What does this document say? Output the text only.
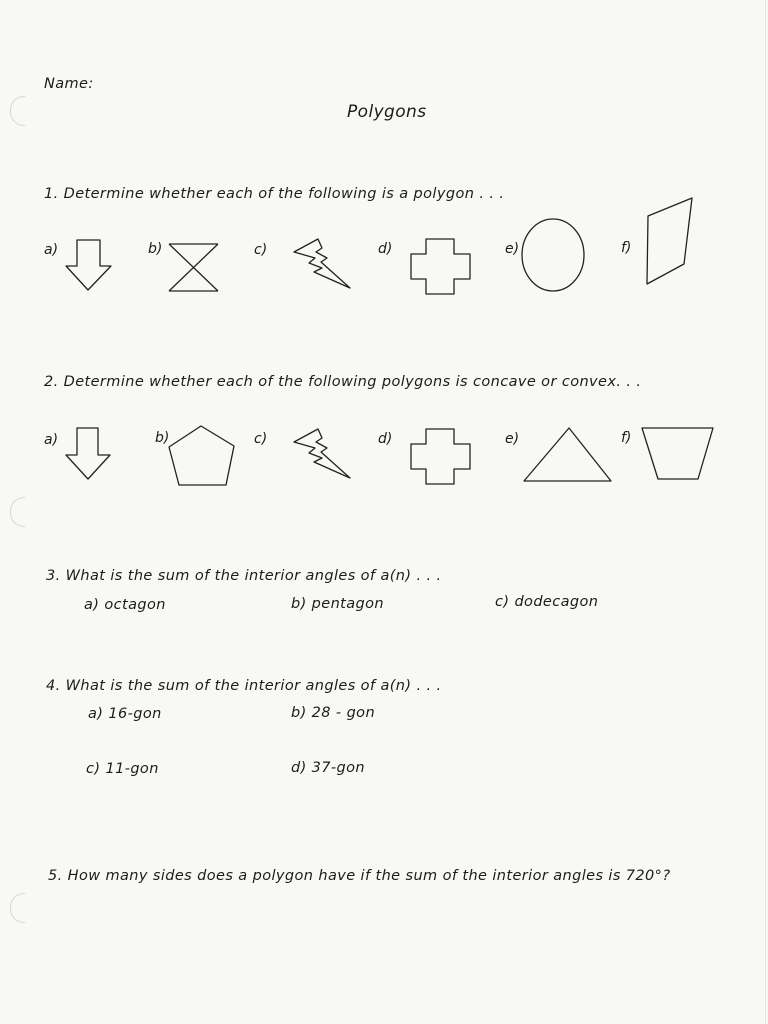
Name:
Polygons
1. Determine whether each of the following is a polygon . . .
a)	b)	c)	d)	e)	f)
2. Determine whether each of the following polygons is concave or convex. . .
a)	b)	c)	d)	e)	f)
3. What is the sum of the interior angles of a(n) . . .
a) octagon	b) pentagon	c) dodecagon
4. What is the sum of the interior angles of a(n) . . .
a) 16-gon	b) 28 - gon
c) 11-gon	d) 37-gon
5. How many sides does a polygon have if the sum of the interior angles is 720°?
